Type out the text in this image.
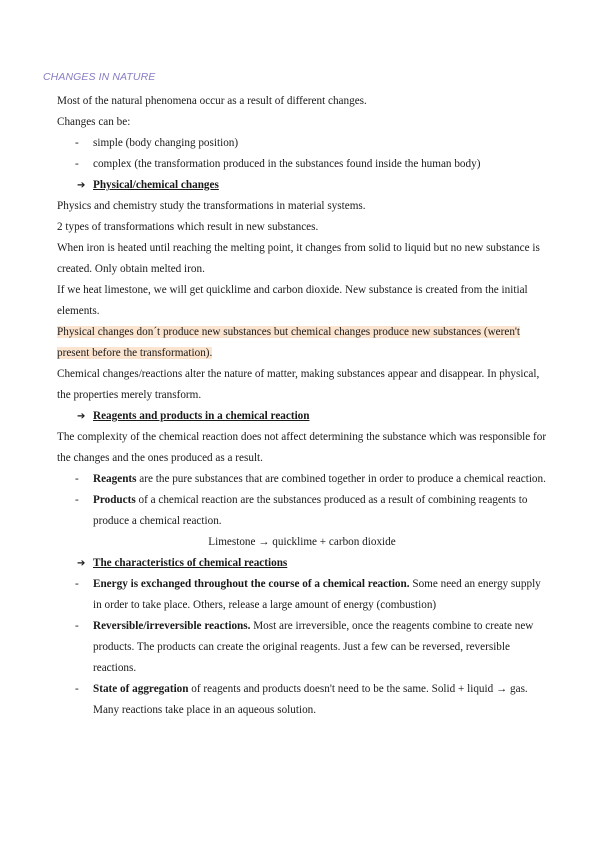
CHANGES IN NATURE

Most of the natural phenomena occur as a result of different changes.

Changes can be:

-	simple (body changing position)
-	complex (the transformation produced in the substances found inside the human body)
➔ Physical/chemical changes

Physics and chemistry study the transformations in material systems.

2 types of transformations which result in new substances.

When iron is heated until reaching the melting point, it changes from solid to liquid but no new substance is created. Only obtain melted iron.

If we heat limestone, we will get quicklime and carbon dioxide. New substance is created from the initial elements.

Physical changes don´t produce new substances but chemical changes produce new substances (weren't present before the transformation).

Chemical changes/reactions alter the nature of matter, making substances appear and disappear. In physical, the properties merely transform.

➔ Reagents and products in a chemical reaction

The complexity of the chemical reaction does not affect determining the substance which was responsible for the changes and the ones produced as a result.

-	Reagents are the pure substances that are combined together in order to produce a chemical reaction.
-	Products of a chemical reaction are the substances produced as a result of combining reagents to produce a chemical reaction.

Limestone → quicklime + carbon dioxide

➔ The characteristics of chemical reactions
-	Energy is exchanged throughout the course of a chemical reaction. Some need an energy supply in order to take place. Others, release a large amount of energy (combustion)
-	Reversible/irreversible reactions. Most are irreversible, once the reagents combine to create new products. The products can create the original reagents. Just a few can be reversed, reversible reactions.
-	State of aggregation of reagents and products doesn't need to be the same. Solid + liquid → gas. Many reactions take place in an aqueous solution.
